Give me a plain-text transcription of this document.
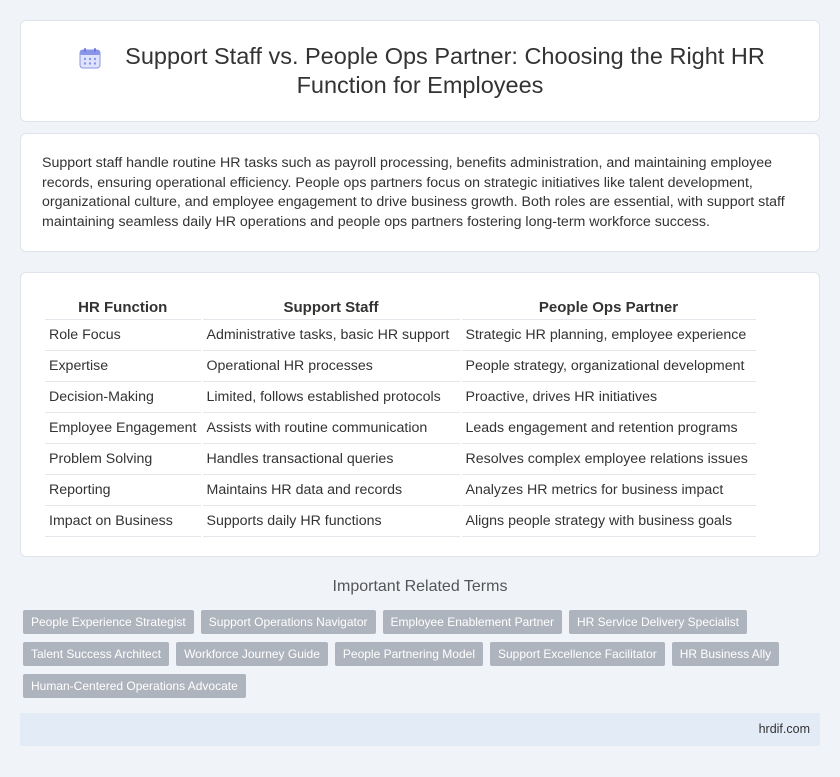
Support Staff vs. People Ops Partner: Choosing the Right HR Function for Employees

Support staff handle routine HR tasks such as payroll processing, benefits administration, and maintaining employee records, ensuring operational efficiency. People ops partners focus on strategic initiatives like talent development, organizational culture, and employee engagement to drive business growth. Both roles are essential, with support staff maintaining seamless daily HR operations and people ops partners fostering long-term workforce success.

HR Function	Support Staff	People Ops Partner
Role Focus	Administrative tasks, basic HR support	Strategic HR planning, employee experience
Expertise	Operational HR processes	People strategy, organizational development
Decision-Making	Limited, follows established protocols	Proactive, drives HR initiatives
Employee Engagement	Assists with routine communication	Leads engagement and retention programs
Problem Solving	Handles transactional queries	Resolves complex employee relations issues
Reporting	Maintains HR data and records	Analyzes HR metrics for business impact
Impact on Business	Supports daily HR functions	Aligns people strategy with business goals
Important Related Terms
People Experience Strategist	Support Operations Navigator	Employee Enablement Partner	HR Service Delivery Specialist
Talent Success Architect	Workforce Journey Guide	People Partnering Model	Support Excellence Facilitator	HR Business Ally
Human-Centered Operations Advocate
hrdif.com
